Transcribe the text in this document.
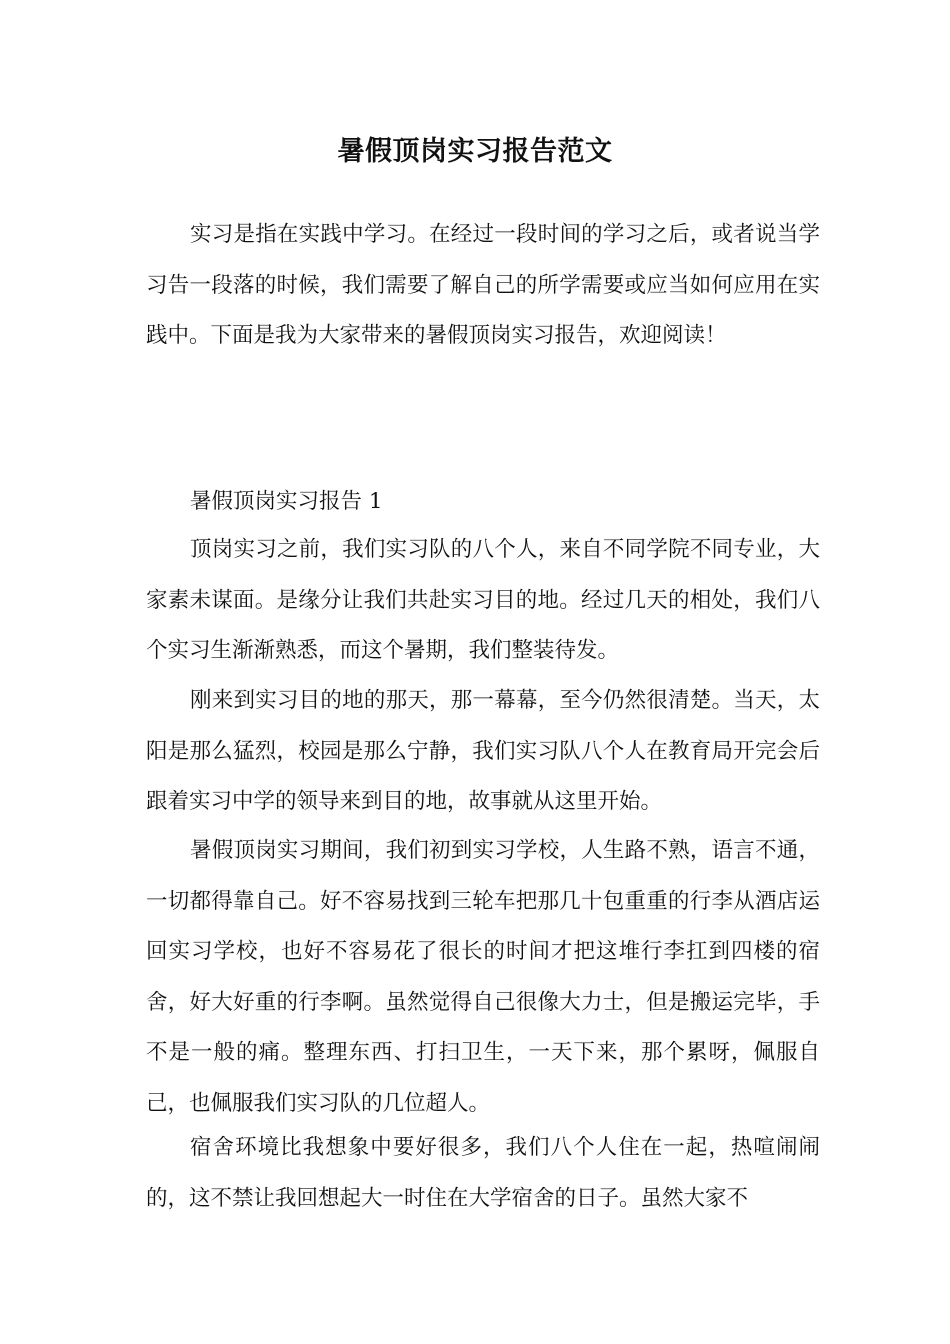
暑假顶岗实习报告范文

实习是指在实践中学习。在经过一段时间的学习之后，或者说当学习告一段落的时候，我们需要了解自己的所学需要或应当如何应用在实践中。下面是我为大家带来的暑假顶岗实习报告，欢迎阅读！

暑假顶岗实习报告 1

顶岗实习之前，我们实习队的八个人，来自不同学院不同专业，大家素未谋面。是缘分让我们共赴实习目的地。经过几天的相处，我们八个实习生渐渐熟悉，而这个暑期，我们整装待发。

刚来到实习目的地的那天，那一幕幕，至今仍然很清楚。当天，太阳是那么猛烈，校园是那么宁静，我们实习队八个人在教育局开完会后跟着实习中学的领导来到目的地，故事就从这里开始。

暑假顶岗实习期间，我们初到实习学校，人生路不熟，语言不通，一切都得靠自己。好不容易找到三轮车把那几十包重重的行李从酒店运回实习学校，也好不容易花了很长的时间才把这堆行李扛到四楼的宿舍，好大好重的行李啊。虽然觉得自己很像大力士，但是搬运完毕，手不是一般的痛。整理东西、打扫卫生，一天下来，那个累呀，佩服自己，也佩服我们实习队的几位超人。

宿舍环境比我想象中要好很多，我们八个人住在一起，热喧闹闹的，这不禁让我回想起大一时住在大学宿舍的日子。虽然大家不
